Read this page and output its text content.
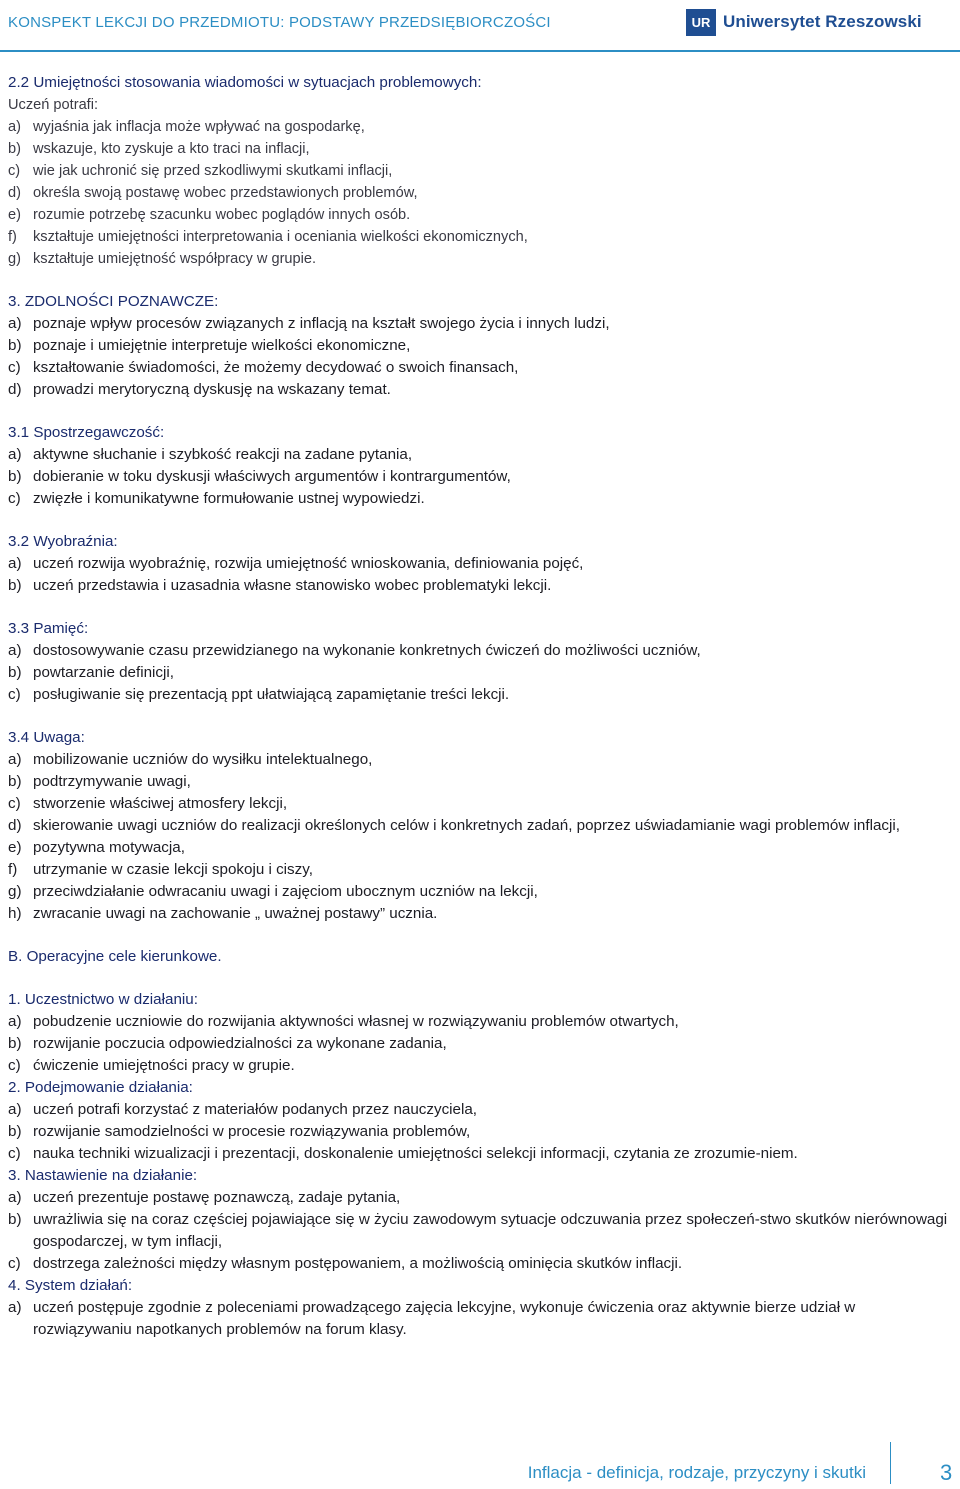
KONSPEKT LEKCJI DO PRZEDMIOTU: PODSTAWY PRZEDSIĘBIORCZOŚCI	UR Uniwersytet Rzeszowski

2.2 Umiejętności stosowania wiadomości w sytuacjach problemowych:

Uczeń potrafi:

a) wyjaśnia jak inflacja może wpływać na gospodarkę,
b) wskazuje, kto zyskuje a kto traci na inflacji,
c) wie jak uchronić się przed szkodliwymi skutkami inflacji,
d) określa swoją postawę wobec przedstawionych problemów,
e) rozumie potrzebę szacunku wobec poglądów innych osób.
f)	kształtuje umiejętności interpretowania i oceniania wielkości ekonomicznych,
g) kształtuje umiejętność współpracy w grupie.

3. ZDOLNOŚCI POZNAWCZE:

a) poznaje wpływ procesów związanych z inflacją na kształt swojego życia i innych ludzi,
b) poznaje i umiejętnie interpretuje wielkości ekonomiczne,
c) kształtowanie świadomości, że możemy decydować o swoich finansach,
d) prowadzi merytoryczną dyskusję na wskazany temat.

3.1 Spostrzegawczość:

a) aktywne słuchanie i szybkość reakcji na zadane pytania,
b) dobieranie w toku dyskusji właściwych argumentów i kontrargumentów,
c) zwięzłe i komunikatywne formułowanie ustnej wypowiedzi.

3.2 Wyobraźnia:

a) uczeń rozwija wyobraźnię, rozwija umiejętność wnioskowania, definiowania pojęć,
b) uczeń przedstawia i uzasadnia własne stanowisko wobec problematyki lekcji.

3.3 Pamięć:

a) dostosowywanie czasu przewidzianego na wykonanie konkretnych ćwiczeń do możliwości uczniów,
b) powtarzanie definicji,
c) posługiwanie się prezentacją ppt ułatwiającą zapamiętanie treści lekcji.

3.4 Uwaga:

a) mobilizowanie uczniów do wysiłku intelektualnego,
b) podtrzymywanie uwagi,
c) stworzenie właściwej atmosfery lekcji,
d) skierowanie uwagi uczniów do realizacji określonych celów i konkretnych zadań, poprzez uświadamianie wagi problemów inflacji,
e) pozytywna motywacja,
f)	utrzymanie w czasie lekcji spokoju i ciszy,
g) przeciwdziałanie odwracaniu uwagi i zajęciom ubocznym uczniów na lekcji,
h) zwracanie uwagi na zachowanie „ uważnej postawy” ucznia.

B. Operacyjne cele kierunkowe.

1. Uczestnictwo w działaniu:

a) pobudzenie uczniowie do rozwijania aktywności własnej w rozwiązywaniu problemów otwartych,
b) rozwijanie poczucia odpowiedzialności za wykonane zadania,
c) ćwiczenie umiejętności pracy w grupie.

2. Podejmowanie działania:

a) uczeń potrafi korzystać z materiałów podanych przez nauczyciela,
b) rozwijanie samodzielności w procesie rozwiązywania problemów,
c) nauka techniki wizualizacji i prezentacji, doskonalenie umiejętności selekcji informacji, czytania ze zrozumie-niem.

3. Nastawienie na działanie:

a) uczeń prezentuje postawę poznawczą, zadaje pytania,
b) uwrażliwia się na coraz częściej pojawiające się w życiu zawodowym sytuacje odczuwania przez społeczeń-stwo skutków nierównowagi gospodarczej, w tym inflacji,
c) dostrzega zależności między własnym postępowaniem, a możliwością ominięcia skutków inflacji.

4. System działań:

a) uczeń postępuje zgodnie z poleceniami prowadzącego zajęcia lekcyjne, wykonuje ćwiczenia oraz aktywnie bierze udział w rozwiązywaniu napotkanych problemów na forum klasy.
Inflacja - definicja, rodzaje, przyczyny i skutki	3
